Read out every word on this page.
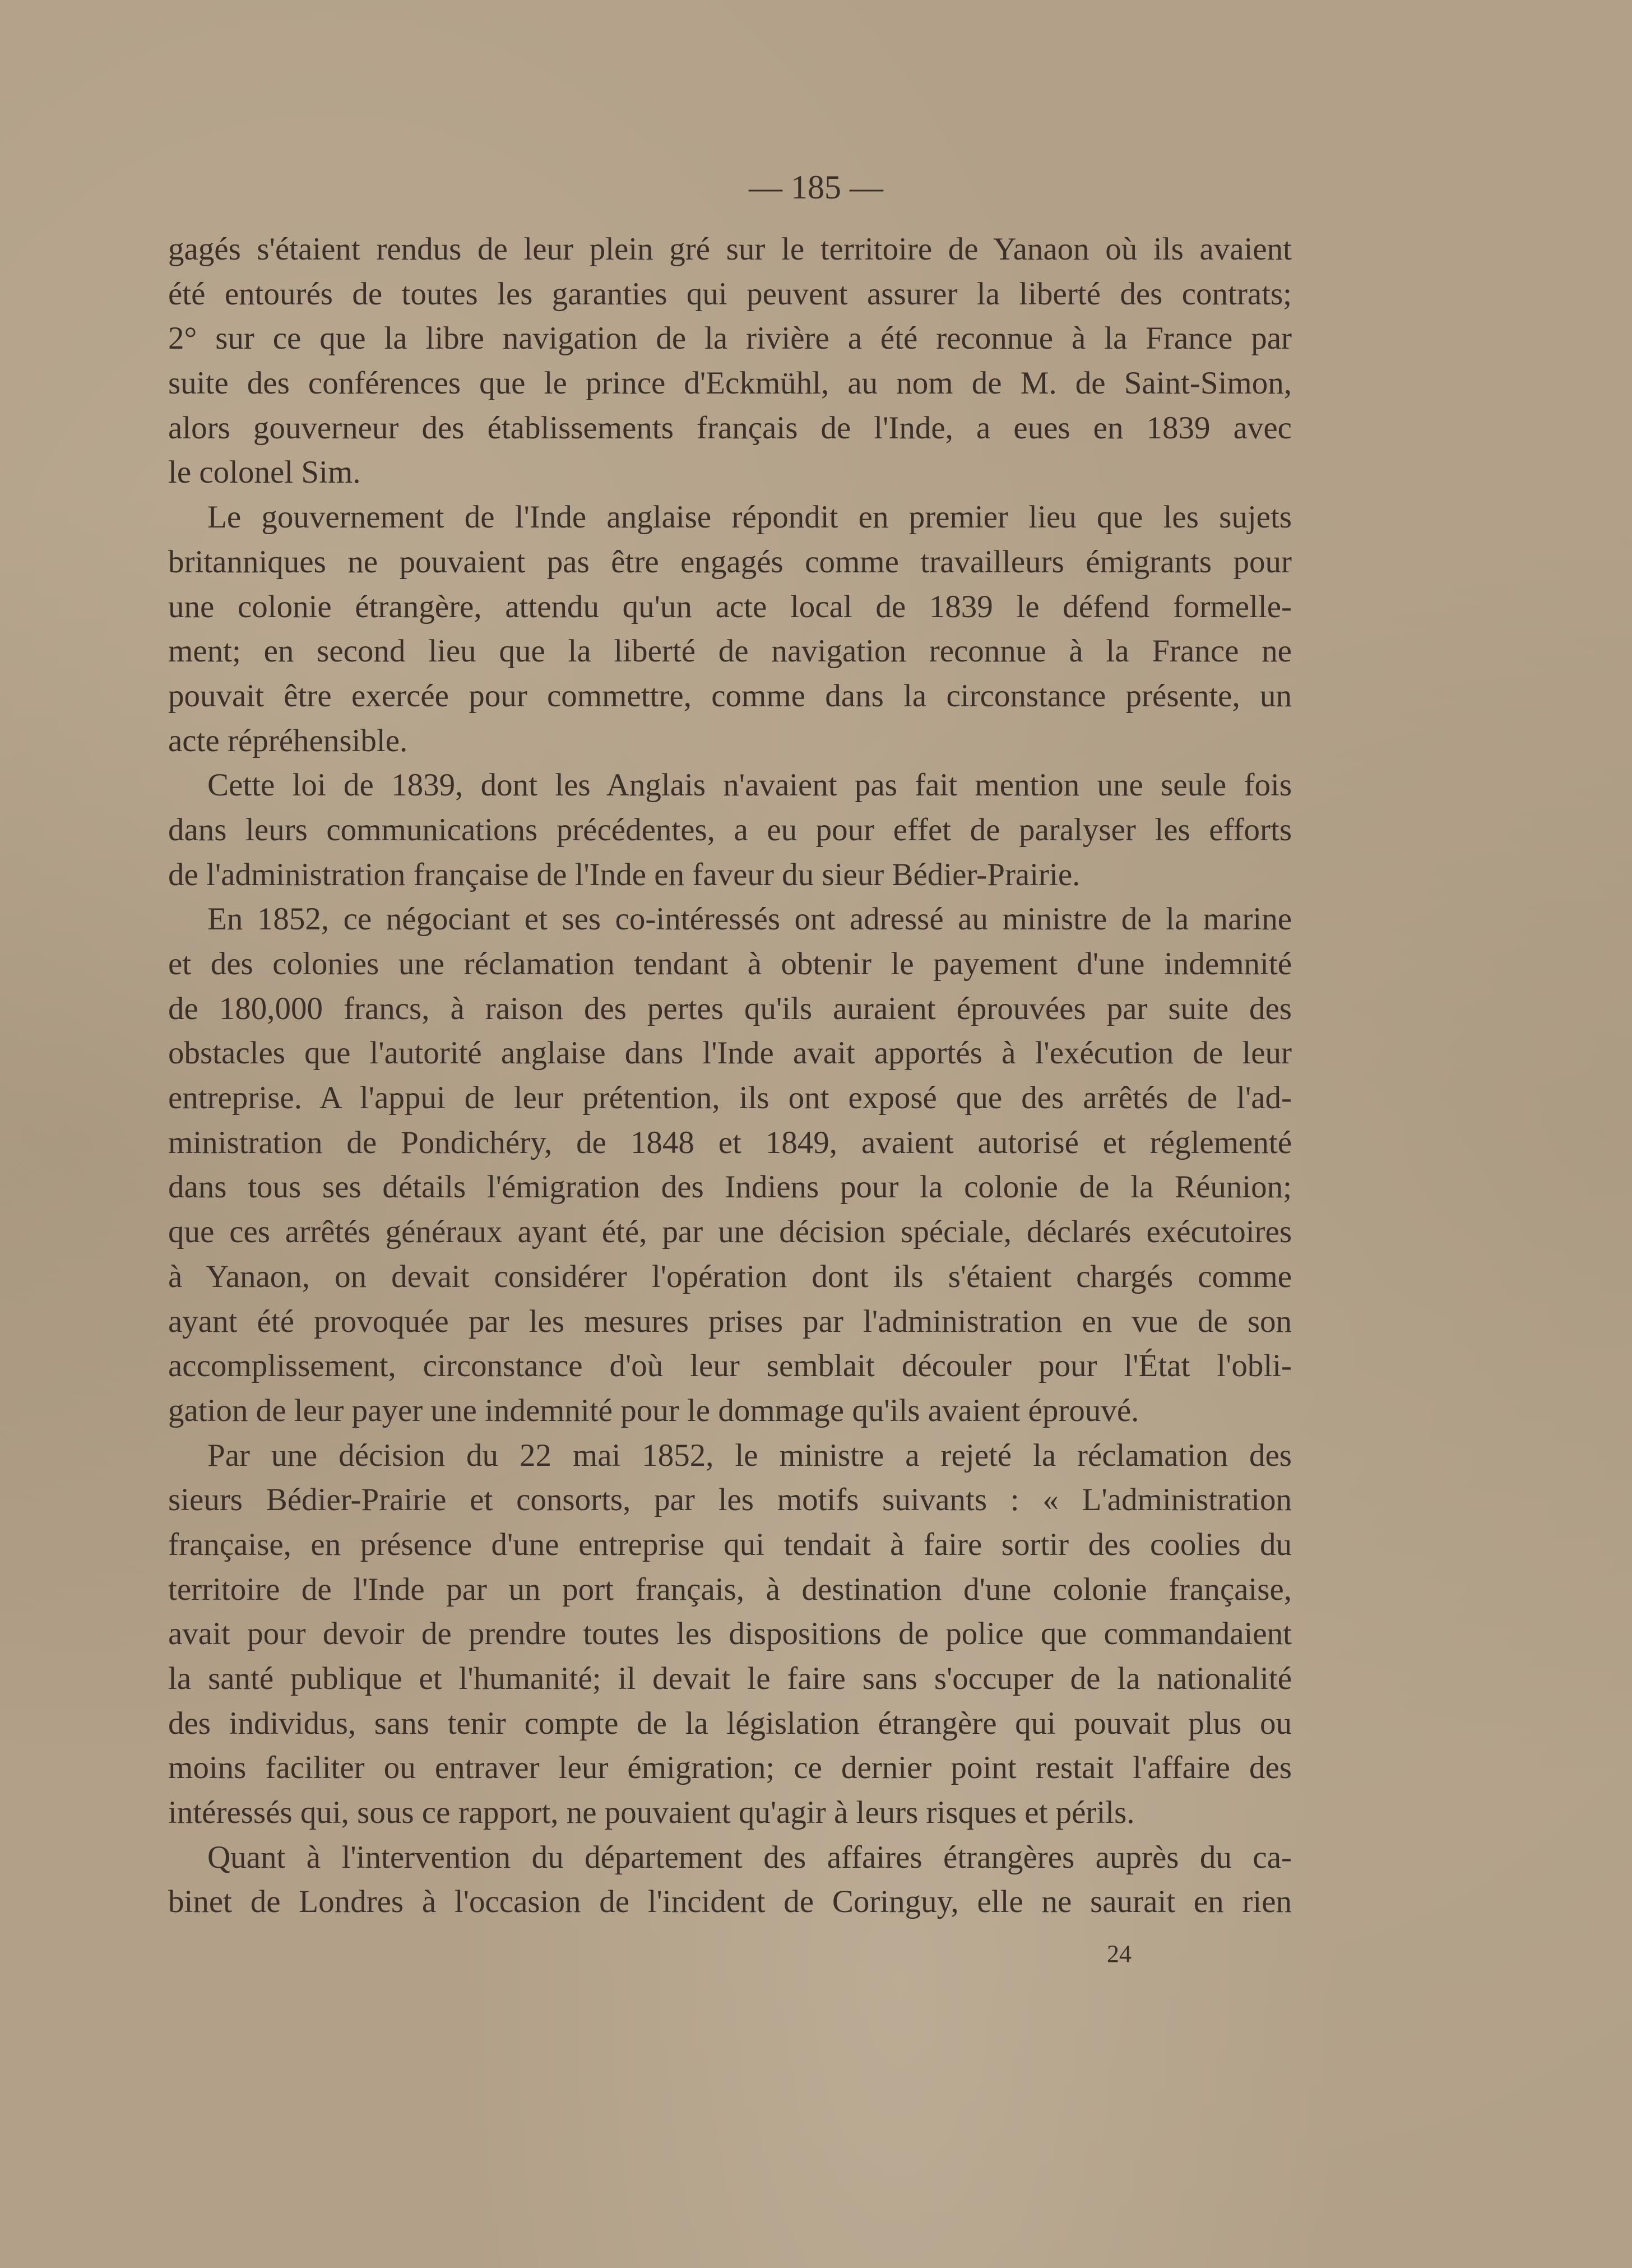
— 185 —
gagés s'étaient rendus de leur plein gré sur le territoire de Yanaon où ils avaient
été entourés de toutes les garanties qui peuvent assurer la liberté des contrats;
2° sur ce que la libre navigation de la rivière a été reconnue à la France par
suite des conférences que le prince d'Eckmühl, au nom de M. de Saint-Simon,
alors gouverneur des établissements français de l'Inde, a eues en 1839 avec
le colonel Sim.
Le gouvernement de l'Inde anglaise répondit en premier lieu que les sujets
britanniques ne pouvaient pas être engagés comme travailleurs émigrants pour
une colonie étrangère, attendu qu'un acte local de 1839 le défend formelle-
ment; en second lieu que la liberté de navigation reconnue à la France ne
pouvait être exercée pour commettre, comme dans la circonstance présente, un
acte répréhensible.
Cette loi de 1839, dont les Anglais n'avaient pas fait mention une seule fois
dans leurs communications précédentes, a eu pour effet de paralyser les efforts
de l'administration française de l'Inde en faveur du sieur Bédier-Prairie.
En 1852, ce négociant et ses co-intéressés ont adressé au ministre de la marine
et des colonies une réclamation tendant à obtenir le payement d'une indemnité
de 180,000 francs, à raison des pertes qu'ils auraient éprouvées par suite des
obstacles que l'autorité anglaise dans l'Inde avait apportés à l'exécution de leur
entreprise. A l'appui de leur prétention, ils ont exposé que des arrêtés de l'ad-
ministration de Pondichéry, de 1848 et 1849, avaient autorisé et réglementé
dans tous ses détails l'émigration des Indiens pour la colonie de la Réunion;
que ces arrêtés généraux ayant été, par une décision spéciale, déclarés exécutoires
à Yanaon, on devait considérer l'opération dont ils s'étaient chargés comme
ayant été provoquée par les mesures prises par l'administration en vue de son
accomplissement, circonstance d'où leur semblait découler pour l'État l'obli-
gation de leur payer une indemnité pour le dommage qu'ils avaient éprouvé.
Par une décision du 22 mai 1852, le ministre a rejeté la réclamation des
sieurs Bédier-Prairie et consorts, par les motifs suivants : « L'administration
française, en présence d'une entreprise qui tendait à faire sortir des coolies du
territoire de l'Inde par un port français, à destination d'une colonie française,
avait pour devoir de prendre toutes les dispositions de police que commandaient
la santé publique et l'humanité; il devait le faire sans s'occuper de la nationalité
des individus, sans tenir compte de la législation étrangère qui pouvait plus ou
moins faciliter ou entraver leur émigration; ce dernier point restait l'affaire des
intéressés qui, sous ce rapport, ne pouvaient qu'agir à leurs risques et périls.
Quant à l'intervention du département des affaires étrangères auprès du ca-
binet de Londres à l'occasion de l'incident de Coringuy, elle ne saurait en rien
24
